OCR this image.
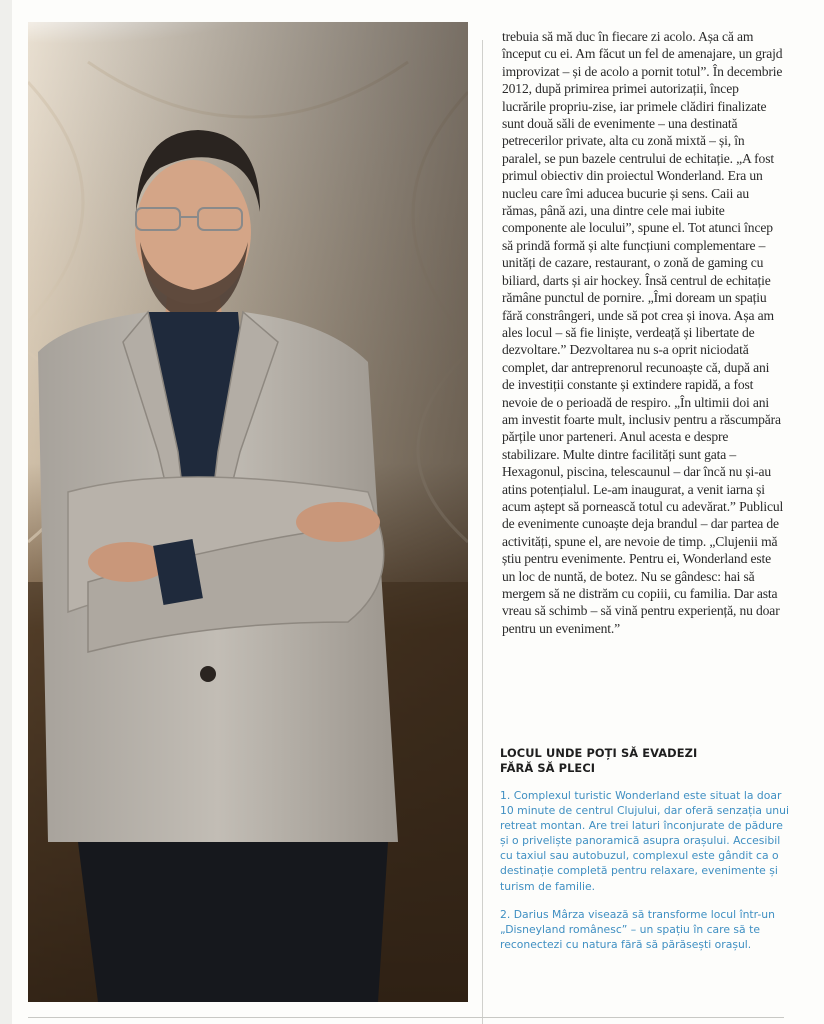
trebuia să mă duc în fiecare zi acolo. Așa că am început cu ei. Am făcut un fel de amenajare, un grajd improvizat – și de acolo a pornit totul”. În decembrie 2012, după primirea primei autorizații, încep lucrările propriu-zise, iar primele clădiri finalizate sunt două săli de evenimente – una destinată petrecerilor private, alta cu zonă mixtă – și, în paralel, se pun bazele centrului de echitație. „A fost primul obiectiv din proiectul Wonderland. Era un nucleu care îmi aducea bucurie și sens. Caii au rămas, până azi, una dintre cele mai iubite componente ale locului”, spune el. Tot atunci încep să prindă formă și alte funcțiuni complementare – unități de cazare, restaurant, o zonă de gaming cu biliard, darts și air hockey. Însă centrul de echitație rămâne punctul de pornire. „Îmi doream un spațiu fără constrângeri, unde să pot crea și inova. Așa am ales locul – să fie liniște, verdeață și libertate de dezvoltare.” Dezvoltarea nu s-a oprit niciodată complet, dar antreprenorul recunoaște că, după ani de investiții constante și extindere rapidă, a fost nevoie de o perioadă de respiro. „În ultimii doi ani am investit foarte mult, inclusiv pentru a răscumpăra părțile unor parteneri. Anul acesta e despre stabilizare. Multe dintre facilități sunt gata – Hexagonul, piscina, telescaunul – dar încă nu și-au atins potențialul. Le-am inaugurat, a venit iarna și acum aștept să pornească totul cu adevărat.” Publicul de evenimente cunoaște deja brandul – dar partea de activități, spune el, are nevoie de timp. „Clujenii mă știu pentru evenimente. Pentru ei, Wonderland este un loc de nuntă, de botez. Nu se gândesc: hai să mergem să ne distrăm cu copiii, cu familia. Dar asta vreau să schimb – să vină pentru experiență, nu doar pentru un eveniment.”

LOCUL UNDE POȚI SĂ EVADEZI
FĂRĂ SĂ PLECI

1. Complexul turistic Wonderland este situat la doar 10 minute de centrul Clujului, dar oferă senzația unui retreat montan. Are trei laturi înconjurate de pădure și o priveliște panoramică asupra orașului. Accesibil cu taxiul sau autobuzul, complexul este gândit ca o destinație completă pentru relaxare, evenimente și turism de familie.

2. Darius Mârza visează să transforme locul într-un „Disneyland românesc” – un spațiu în care să te reconectezi cu natura fără să părăsești orașul.
